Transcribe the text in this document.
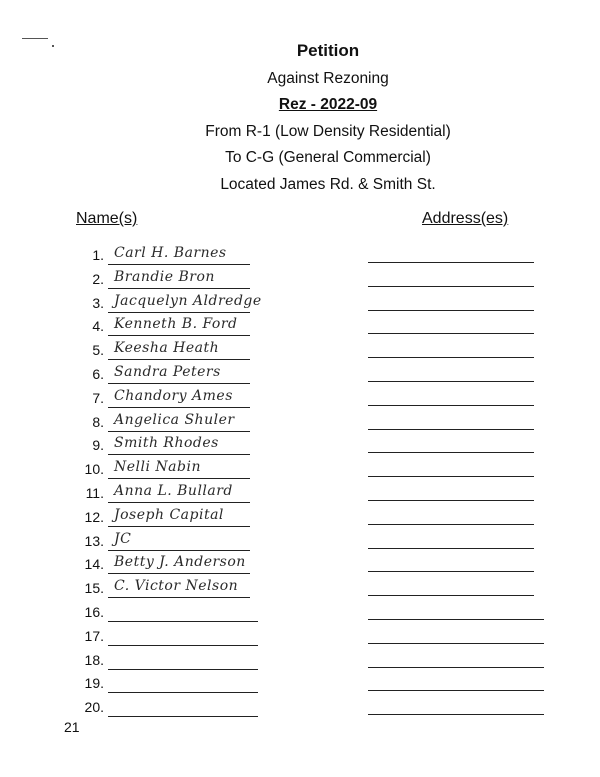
Petition
Against Rezoning
Rez - 2022-09
From R-1 (Low Density Residential)
To C-G (General Commercial)
Located James Rd. & Smith St.
Name(s)	Address(es)
1. Carl H. Barnes
2. Brandie Bron
3. Jacquelyn Aldredge
4. Kenneth B. Ford
5. Keesha Heath
6. Sandra Peters
7. Chandory Ames
8. Angelica Shuler
9. Smith Rhodes
10. Nelli Nabin
11. Anna L. Bullard
12. Joseph Capital
13. JC
14. Betty J. Anderson
15. C. Victor Nelson
16.
17.
18.
19.
20.
21
